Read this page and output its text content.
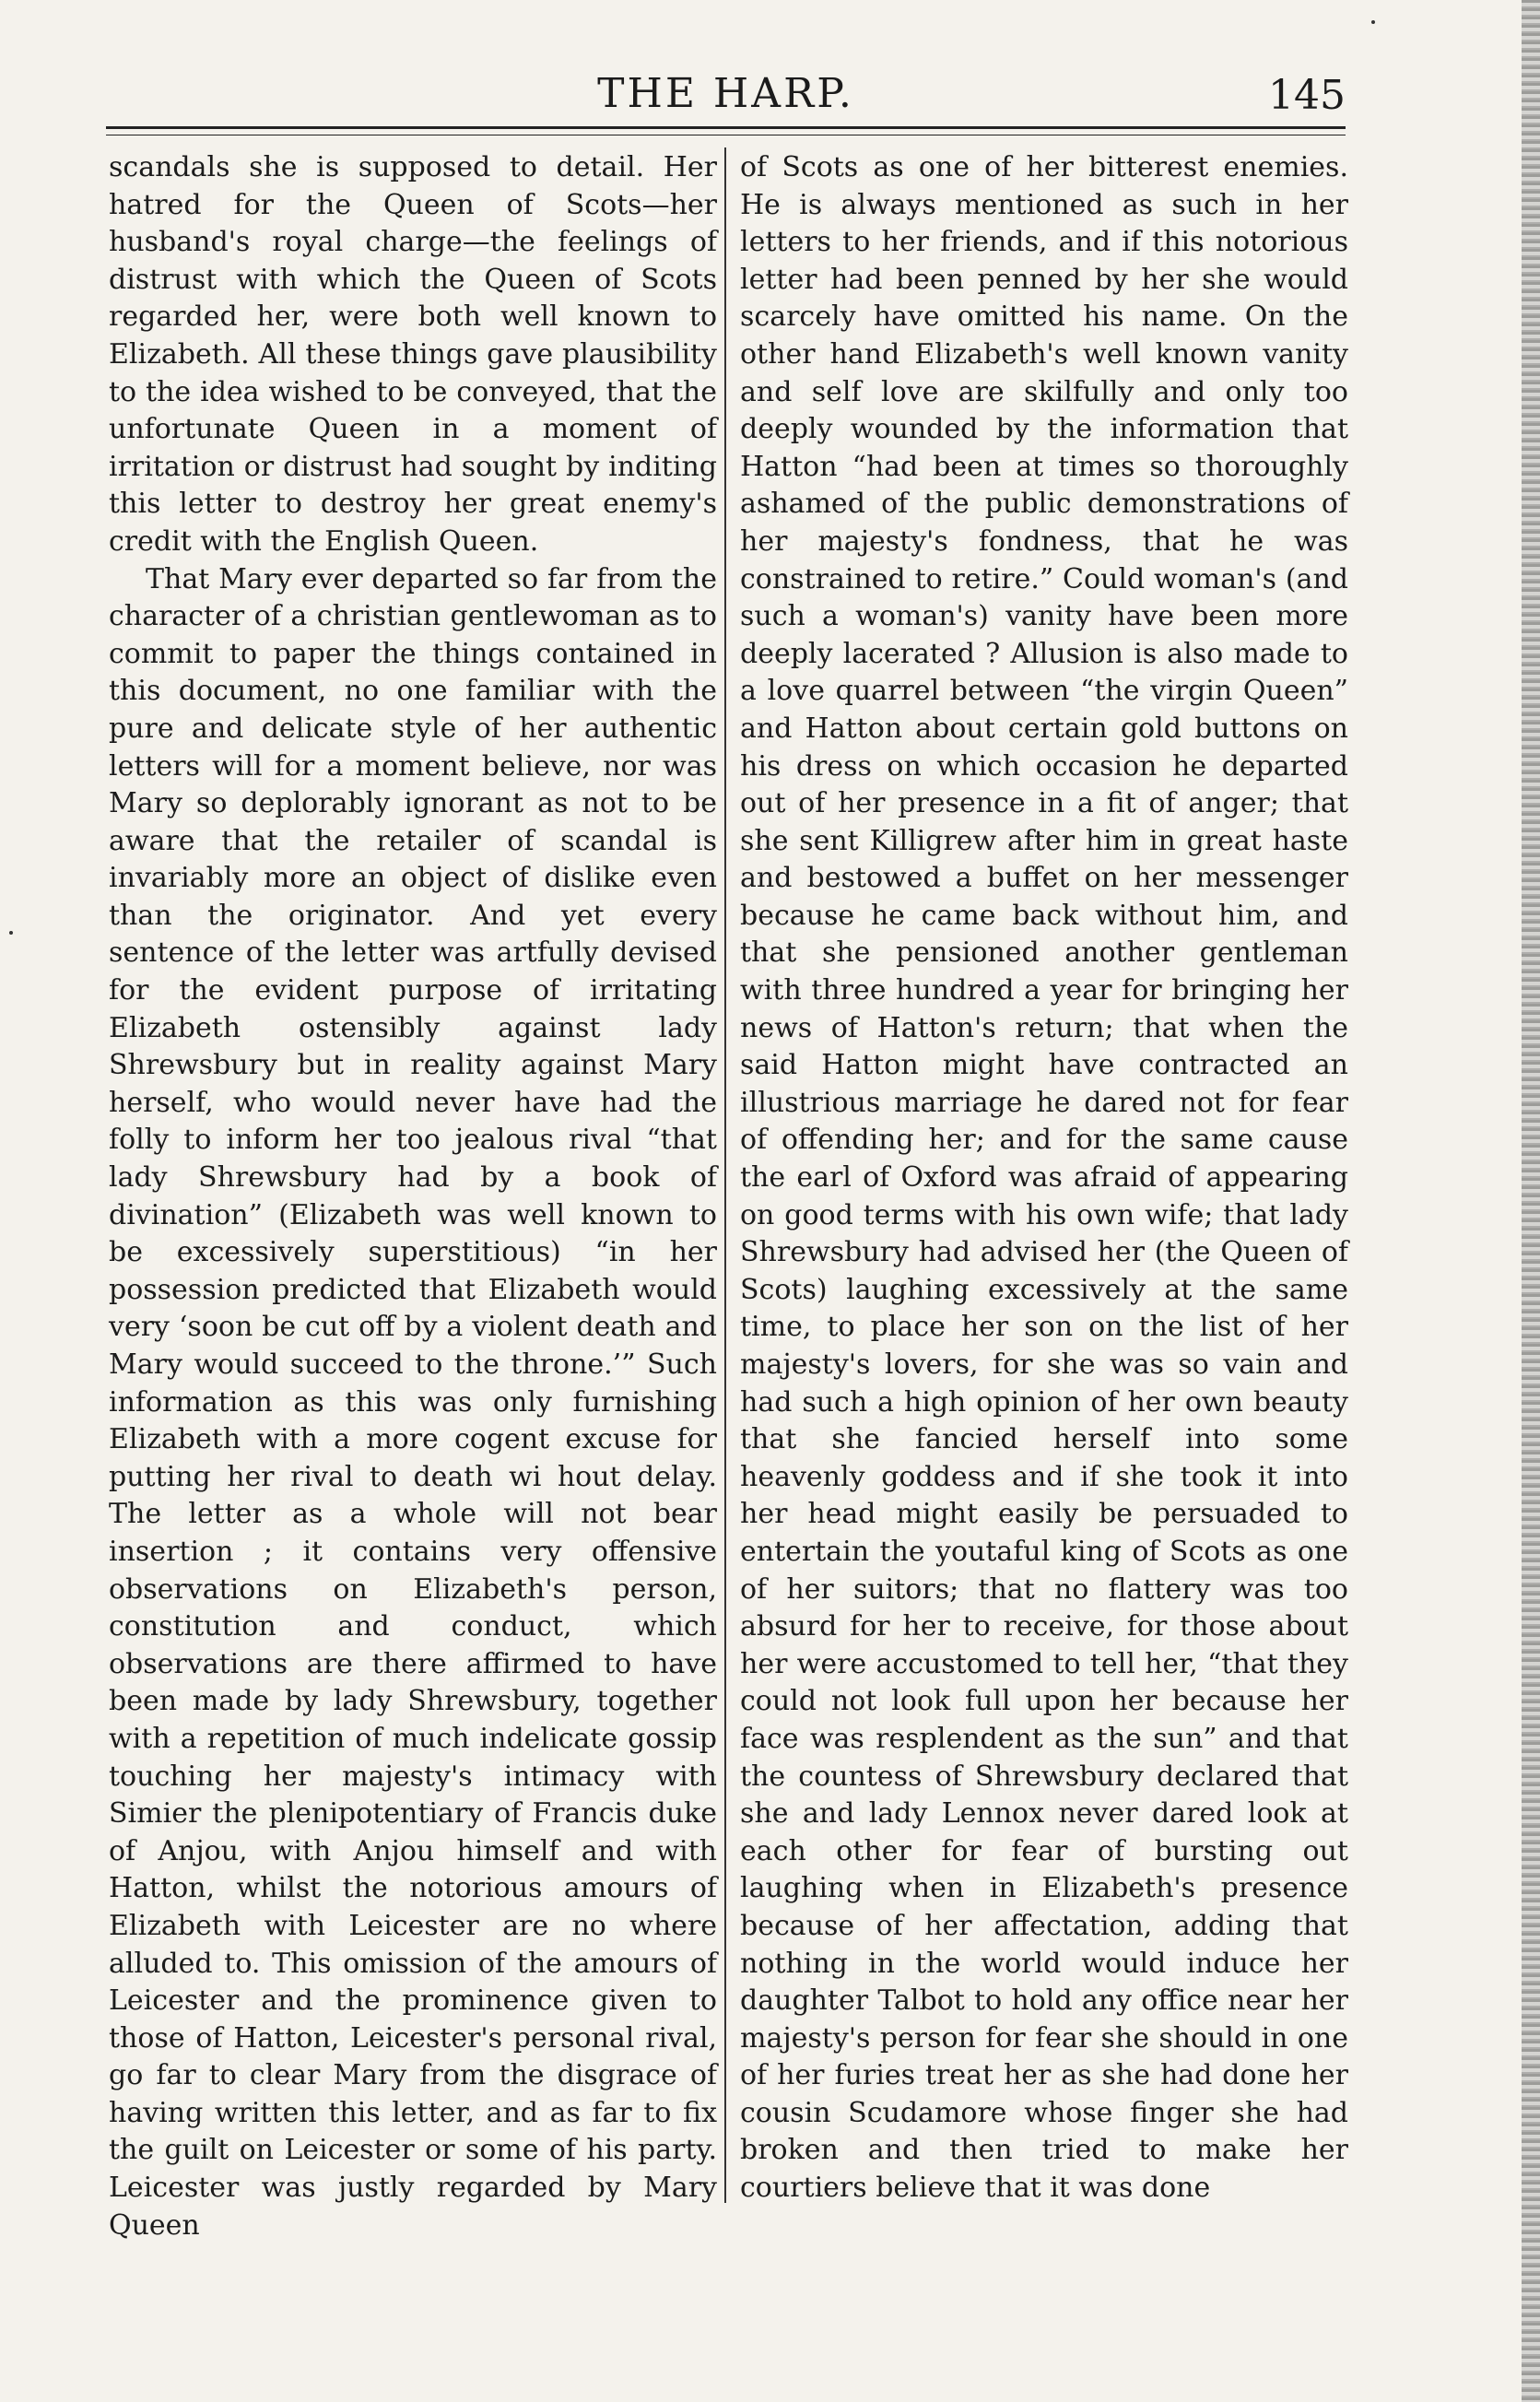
THE HARP.	145

scandals she is supposed to detail. Her hatred for the Queen of Scots—her husband's royal charge—the feelings of distrust with which the Queen of Scots regarded her, were both well known to Elizabeth. All these things gave plausibility to the idea wished to be conveyed, that the unfortunate Queen in a moment of irritation or distrust had sought by inditing this letter to destroy her great enemy's credit with the English Queen.

That Mary ever departed so far from the character of a christian gentlewoman as to commit to paper the things contained in this document, no one familiar with the pure and delicate style of her authentic letters will for a moment believe, nor was Mary so deplorably ignorant as not to be aware that the retailer of scandal is invariably more an object of dislike even than the originator. And yet every sentence of the letter was artfully devised for the evident purpose of irritating Elizabeth ostensibly against lady Shrewsbury but in reality against Mary herself, who would never have had the folly to inform her too jealous rival “that lady Shrewsbury had by a book of divination” (Elizabeth was well known to be excessively superstitious) “in her possession predicted that Elizabeth would very ‘soon be cut off by a violent death and Mary would succeed to the throne.’” Such information as this was only furnishing Elizabeth with a more cogent excuse for putting her rival to death wi hout delay. The letter as a whole will not bear insertion ; it contains very offensive observations on Elizabeth's person, constitution and conduct, which observations are there affirmed to have been made by lady Shrewsbury, together with a repetition of much indelicate gossip touching her majesty's intimacy with Simier the plenipotentiary of Francis duke of Anjou, with Anjou himself and with Hatton, whilst the notorious amours of Elizabeth with Leicester are no where alluded to. This omission of the amours of Leicester and the prominence given to those of Hatton, Leicester's personal rival, go far to clear Mary from the disgrace of having written this letter, and as far to fix the guilt on Leicester or some of his party. Leicester was justly regarded by Mary Queen

of Scots as one of her bitterest enemies. He is always mentioned as such in her letters to her friends, and if this notorious letter had been penned by her she would scarcely have omitted his name. On the other hand Elizabeth's well known vanity and self love are skilfully and only too deeply wounded by the information that Hatton “had been at times so thoroughly ashamed of the public demonstrations of her majesty's fondness, that he was constrained to retire.” Could woman's (and such a woman's) vanity have been more deeply lacerated ? Allusion is also made to a love quarrel between “the virgin Queen” and Hatton about certain gold buttons on his dress on which occasion he departed out of her presence in a fit of anger; that she sent Killigrew after him in great haste and bestowed a buffet on her messenger because he came back without him, and that she pensioned another gentleman with three hundred a year for bringing her news of Hatton's return; that when the said Hatton might have contracted an illustrious marriage he dared not for fear of offending her; and for the same cause the earl of Oxford was afraid of appearing on good terms with his own wife; that lady Shrewsbury had advised her (the Queen of Scots) laughing excessively at the same time, to place her son on the list of her majesty's lovers, for she was so vain and had such a high opinion of her own beauty that she fancied herself into some heavenly goddess and if she took it into her head might easily be persuaded to entertain the youtaful king of Scots as one of her suitors; that no flattery was too absurd for her to receive, for those about her were accustomed to tell her, “that they could not look full upon her because her face was resplendent as the sun” and that the countess of Shrewsbury declared that she and lady Lennox never dared look at each other for fear of bursting out laughing when in Elizabeth's presence because of her affectation, adding that nothing in the world would induce her daughter Talbot to hold any office near her majesty's person for fear she should in one of her furies treat her as she had done her cousin Scudamore whose finger she had broken and then tried to make her courtiers believe that it was done
